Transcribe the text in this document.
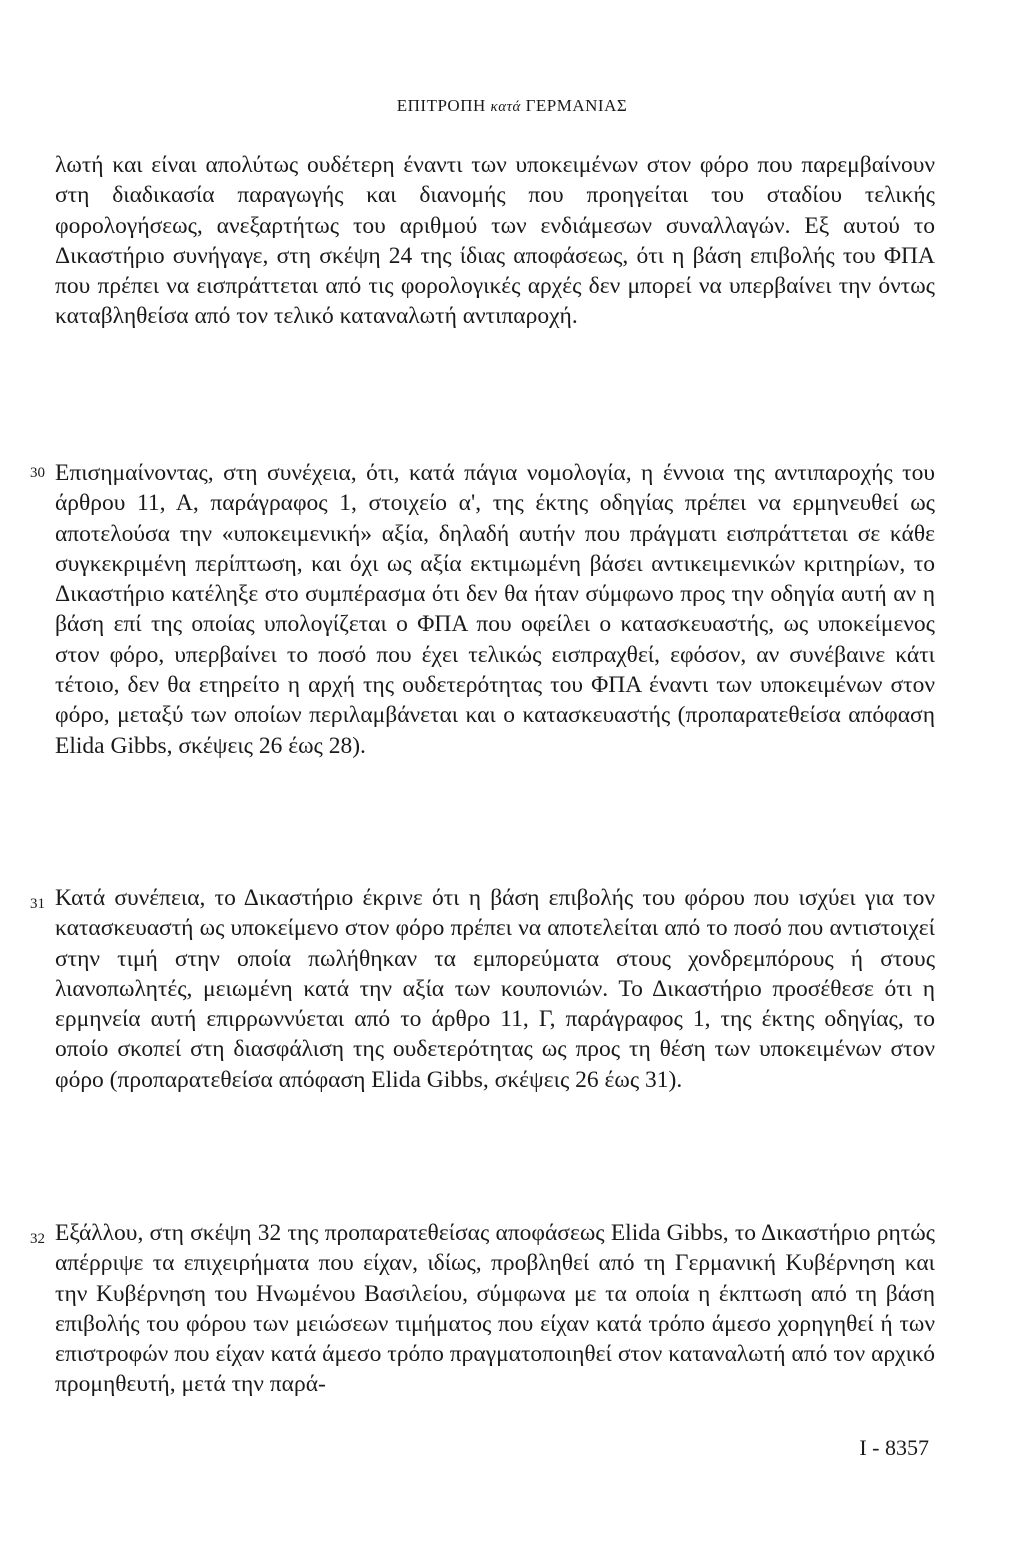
ΕΠΙΤΡΟΠΗ κατά ΓΕΡΜΑΝΙΑΣ
λωτή και είναι απολύτως ουδέτερη έναντι των υποκειμένων στον φόρο που παρεμβαίνουν στη διαδικασία παραγωγής και διανομής που προηγείται του σταδίου τελικής φορολογήσεως, ανεξαρτήτως του αριθμού των ενδιάμεσων συναλλαγών. Εξ αυτού το Δικαστήριο συνήγαγε, στη σκέψη 24 της ίδιας αποφάσεως, ότι η βάση επιβολής του ΦΠΑ που πρέπει να εισπράττεται από τις φορολογικές αρχές δεν μπορεί να υπερβαίνει την όντως καταβληθείσα από τον τελικό καταναλωτή αντιπαροχή.
30 Επισημαίνοντας, στη συνέχεια, ότι, κατά πάγια νομολογία, η έννοια της αντιπαροχής του άρθρου 11, Α, παράγραφος 1, στοιχείο α', της έκτης οδηγίας πρέπει να ερμηνευθεί ως αποτελούσα την «υποκειμενική» αξία, δηλαδή αυτήν που πράγματι εισπράττεται σε κάθε συγκεκριμένη περίπτωση, και όχι ως αξία εκτιμωμένη βάσει αντικειμενικών κριτηρίων, το Δικαστήριο κατέληξε στο συμπέρασμα ότι δεν θα ήταν σύμφωνο προς την οδηγία αυτή αν η βάση επί της οποίας υπολογίζεται ο ΦΠΑ που οφείλει ο κατασκευαστής, ως υποκείμενος στον φόρο, υπερβαίνει το ποσό που έχει τελικώς εισπραχθεί, εφόσον, αν συνέβαινε κάτι τέτοιο, δεν θα ετηρείτο η αρχή της ουδετερότητας του ΦΠΑ έναντι των υποκειμένων στον φόρο, μεταξύ των οποίων περιλαμβάνεται και ο κατασκευαστής (προπαρατεθείσα απόφαση Elida Gibbs, σκέψεις 26 έως 28).
31 Κατά συνέπεια, το Δικαστήριο έκρινε ότι η βάση επιβολής του φόρου που ισχύει για τον κατασκευαστή ως υποκείμενο στον φόρο πρέπει να αποτελείται από το ποσό που αντιστοιχεί στην τιμή στην οποία πωλήθηκαν τα εμπορεύματα στους χονδρεμπόρους ή στους λιανοπωλητές, μειωμένη κατά την αξία των κουπονιών. Το Δικαστήριο προσέθεσε ότι η ερμηνεία αυτή επιρρωννύεται από το άρθρο 11, Γ, παράγραφος 1, της έκτης οδηγίας, το οποίο σκοπεί στη διασφάλιση της ουδετερότητας ως προς τη θέση των υποκειμένων στον φόρο (προπαρατεθείσα απόφαση Elida Gibbs, σκέψεις 26 έως 31).
32 Εξάλλου, στη σκέψη 32 της προπαρατεθείσας αποφάσεως Elida Gibbs, το Δικαστήριο ρητώς απέρριψε τα επιχειρήματα που είχαν, ιδίως, προβληθεί από τη Γερμανική Κυβέρνηση και την Κυβέρνηση του Ηνωμένου Βασιλείου, σύμφωνα με τα οποία η έκπτωση από τη βάση επιβολής του φόρου των μειώσεων τιμήματος που είχαν κατά τρόπο άμεσο χορηγηθεί ή των επιστροφών που είχαν κατά άμεσο τρόπο πραγματοποιηθεί στον καταναλωτή από τον αρχικό προμηθευτή, μετά την παρά-
I - 8357
